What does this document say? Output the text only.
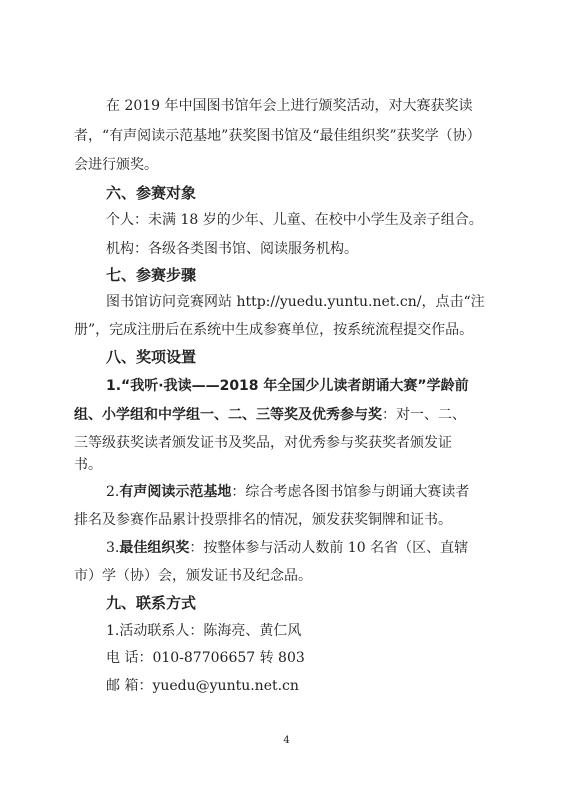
在 2019 年中国图书馆年会上进行颁奖活动，对大赛获奖读
者，“有声阅读示范基地”获奖图书馆及“最佳组织奖”获奖学（协）
会进行颁奖。
六、参赛对象
个人：未满 18 岁的少年、儿童、在校中小学生及亲子组合。
机构：各级各类图书馆、阅读服务机构。
七、参赛步骤
图书馆访问竞赛网站 http://yuedu.yuntu.net.cn/，点击“注
册”，完成注册后在系统中生成参赛单位，按系统流程提交作品。
八、奖项设置
1.“我听·我读——2018 年全国少儿读者朗诵大赛”学龄前
组、小学组和中学组一、二、三等奖及优秀参与奖：对一、二、
三等级获奖读者颁发证书及奖品，对优秀参与奖获奖者颁发证
书。
2.有声阅读示范基地：综合考虑各图书馆参与朗诵大赛读者
排名及参赛作品累计投票排名的情况，颁发获奖铜牌和证书。
3.最佳组织奖：按整体参与活动人数前 10 名省（区、直辖
市）学（协）会，颁发证书及纪念品。
九、联系方式
1.活动联系人：陈海亮、黄仁风
电 话：010-87706657 转 803
邮 箱：yuedu@yuntu.net.cn
4
